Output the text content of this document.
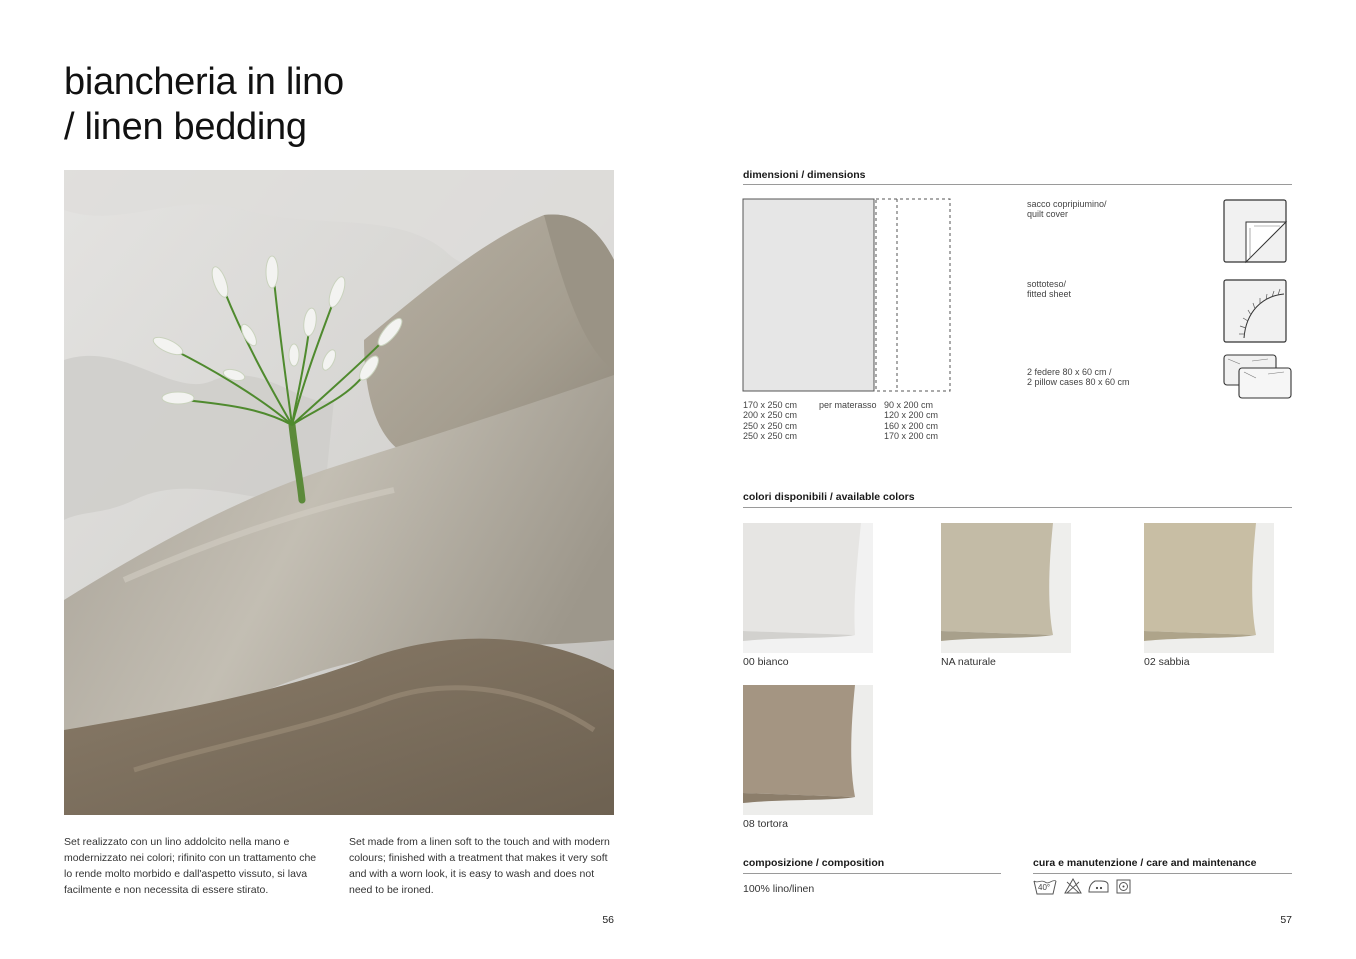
biancheria in lino
/ linen bedding
Set realizzato con un lino addolcito nella mano e modernizzato nei colori; rifinito con un trattamento che lo rende molto morbido e dall'aspetto vissuto, si lava facilmente e non necessita di essere stirato.
Set made from a linen soft to the touch and with modern colours; finished with a treatment that makes it very soft and with a worn look, it is easy to wash and does not need to be ironed.
56
dimensioni / dimensions
170 x 250 cm
200 x 250 cm
250 x 250 cm
250 x 250 cm
per materasso 90 x 200 cm
120 x 200 cm
160 x 200 cm
170 x 200 cm
sacco copripiumino/
quilt cover
sottoteso/
fitted sheet
2 federe 80 x 60 cm /
2 pillow cases 80 x 60 cm
colori disponibili / available colors
00 bianco	NA naturale	02 sabbia
08 tortora
composizione / composition
100% lino/linen
cura e manutenzione / care and maintenance
40°
57
